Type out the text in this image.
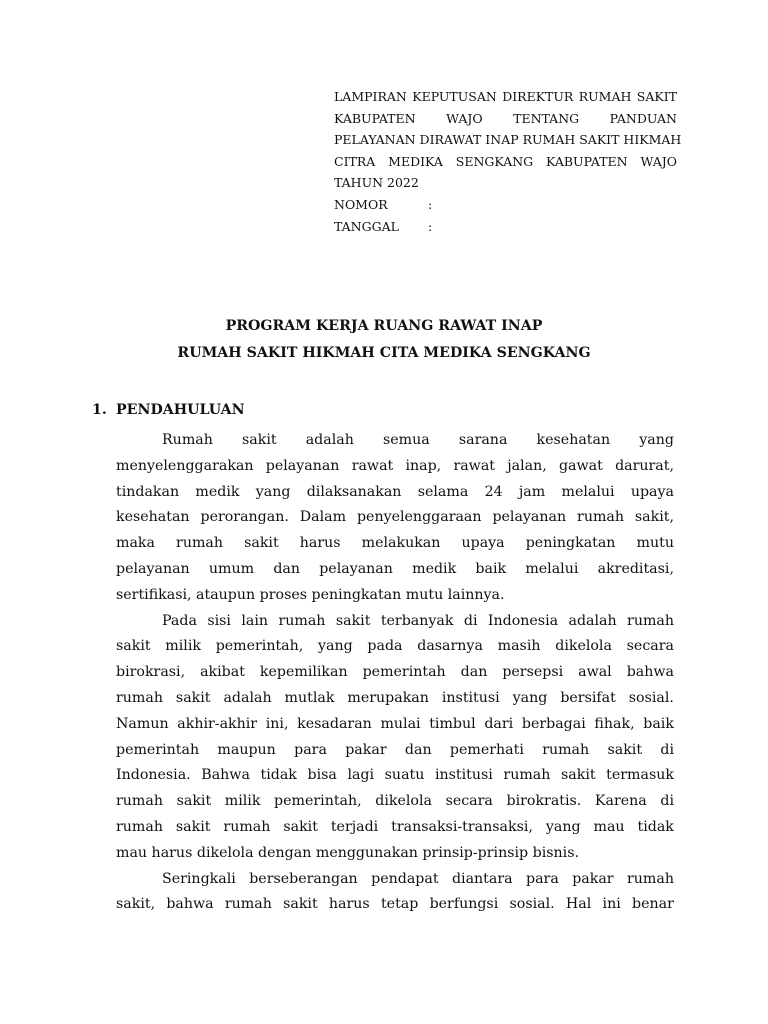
LAMPIRAN KEPUTUSAN DIREKTUR RUMAH SAKIT
KABUPATEN WAJO TENTANG PANDUAN
PELAYANAN DIRAWAT INAP RUMAH SAKIT HIKMAH
CITRA MEDIKA SENGKANG KABUPATEN WAJO
TAHUN 2022
NOMOR	:
TANGGAL	:
PROGRAM KERJA RUANG RAWAT INAP
RUMAH SAKIT HIKMAH CITA MEDIKA SENGKANG
1. PENDAHULUAN
Rumah sakit adalah semua sarana kesehatan yang
menyelenggarakan pelayanan rawat inap, rawat jalan, gawat darurat,
tindakan medik yang dilaksanakan selama 24 jam melalui upaya
kesehatan perorangan. Dalam penyelenggaraan pelayanan rumah sakit,
maka rumah sakit harus melakukan upaya peningkatan mutu
pelayanan umum dan pelayanan medik baik melalui akreditasi,
sertifikasi, ataupun proses peningkatan mutu lainnya.
Pada sisi lain rumah sakit terbanyak di Indonesia adalah rumah
sakit milik pemerintah, yang pada dasarnya masih dikelola secara
birokrasi, akibat kepemilikan pemerintah dan persepsi awal bahwa
rumah sakit adalah mutlak merupakan institusi yang bersifat sosial.
Namun akhir-akhir ini, kesadaran mulai timbul dari berbagai fihak, baik
pemerintah maupun para pakar dan pemerhati rumah sakit di
Indonesia. Bahwa tidak bisa lagi suatu institusi rumah sakit termasuk
rumah sakit milik pemerintah, dikelola secara birokratis. Karena di
rumah sakit rumah sakit terjadi transaksi-transaksi, yang mau tidak
mau harus dikelola dengan menggunakan prinsip-prinsip bisnis.
Seringkali berseberangan pendapat diantara para pakar rumah
sakit, bahwa rumah sakit harus tetap berfungsi sosial. Hal ini benar
